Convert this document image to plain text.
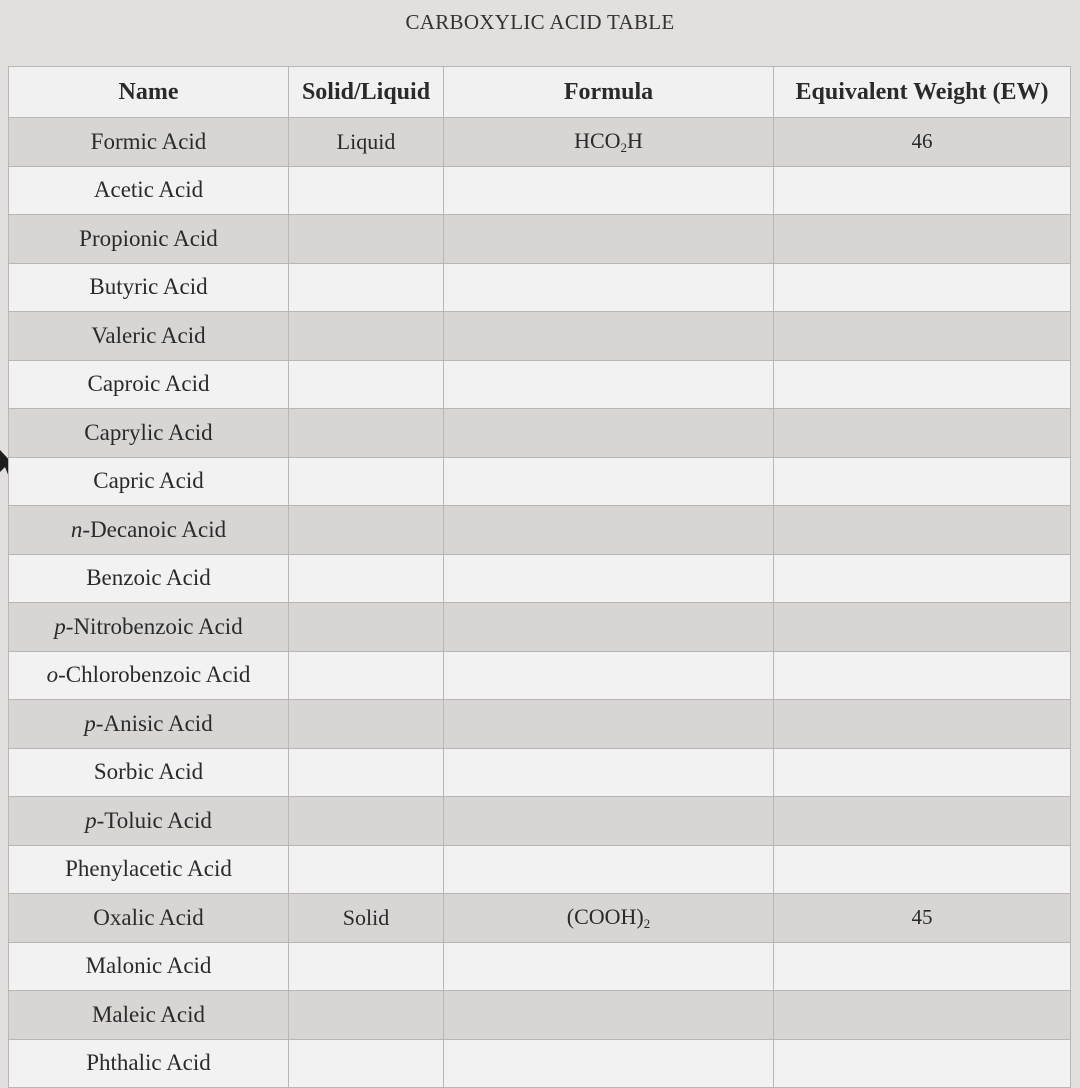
CARBOXYLIC ACID TABLE
Name	Solid/Liquid	Formula	Equivalent Weight (EW)
Formic Acid	Liquid	$HCO_2H$	46
Acetic Acid			
Propionic Acid			
Butyric Acid			
Valeric Acid			
Caproic Acid			
Caprylic Acid			
Capric Acid			
n-Decanoic Acid			
Benzoic Acid			
p-Nitrobenzoic Acid			
o-Chlorobenzoic Acid			
p-Anisic Acid			
Sorbic Acid			
p-Toluic Acid			
Phenylacetic Acid			
Oxalic Acid	Solid	$(COOH)_2$	45
Malonic Acid			
Maleic Acid			
Phthalic Acid			
